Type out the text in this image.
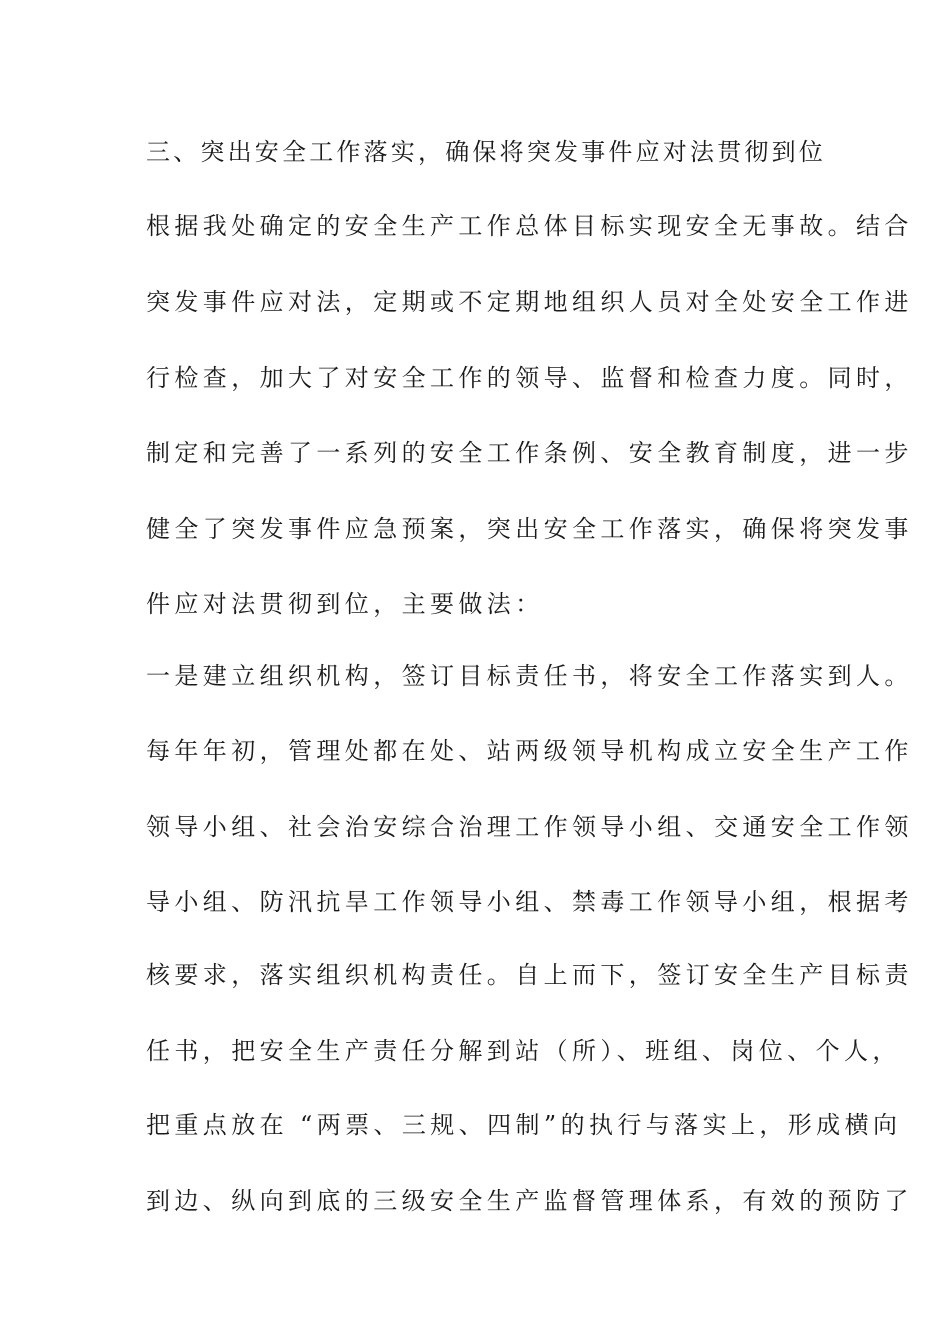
三、突出安全工作落实，确保将突发事件应对法贯彻到位
根据我处确定的安全生产工作总体目标实现安全无事故。结合
突发事件应对法，定期或不定期地组织人员对全处安全工作进
行检查，加大了对安全工作的领导、监督和检查力度。同时，
制定和完善了一系列的安全工作条例、安全教育制度，进一步
健全了突发事件应急预案，突出安全工作落实，确保将突发事
件应对法贯彻到位，主要做法：
一是建立组织机构，签订目标责任书，将安全工作落实到人。
每年年初，管理处都在处、站两级领导机构成立安全生产工作
领导小组、社会治安综合治理工作领导小组、交通安全工作领
导小组、防汛抗旱工作领导小组、禁毒工作领导小组，根据考
核要求，落实组织机构责任。自上而下，签订安全生产目标责
任书，把安全生产责任分解到站（所）、班组、岗位、个人，
把重点放在 “两票、三规、四制”的执行与落实上，形成横向
到边、纵向到底的三级安全生产监督管理体系，有效的预防了
